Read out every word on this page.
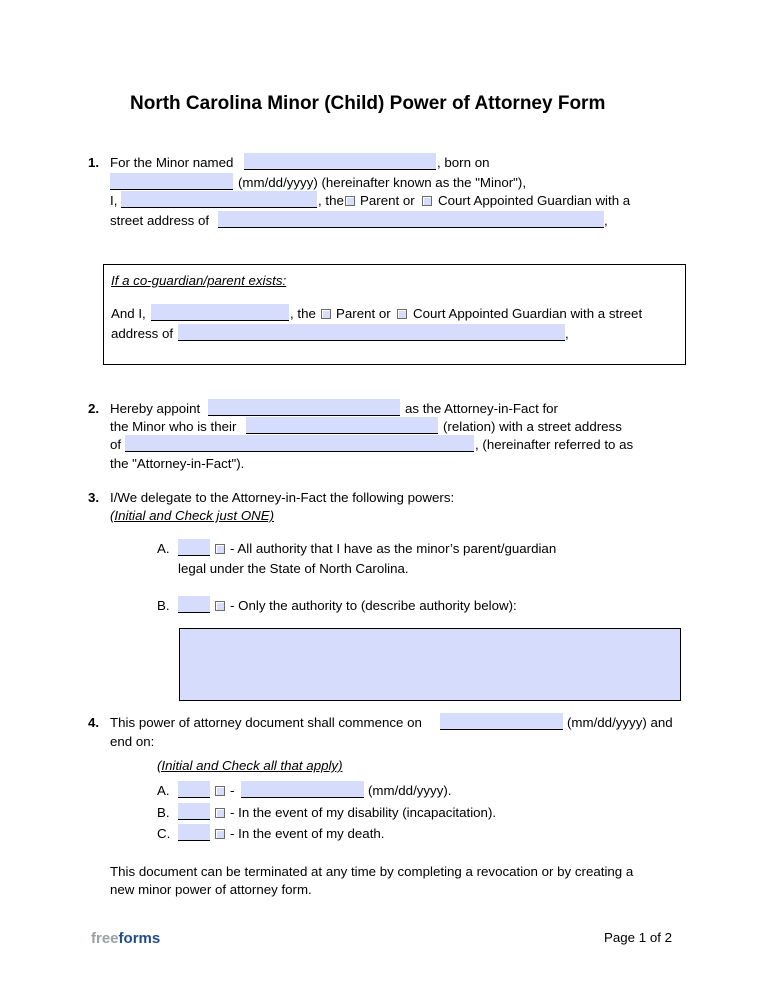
North Carolina Minor (Child) Power of Attorney Form
1. For the Minor named	, born on
(mm/dd/yyyy) (hereinafter known as the "Minor"),
I,	, the Parent or Court Appointed Guardian with a
street address of	,
If a co-guardian/parent exists:
And I,	, the Parent or Court Appointed Guardian with a street
address of	,
2. Hereby appoint	as the Attorney-in-Fact for
the Minor who is their	(relation) with a street address
of	, (hereinafter referred to as
the "Attorney-in-Fact").
3. I/We delegate to the Attorney-in-Fact the following powers:
(Initial and Check just ONE)
A.	- All authority that I have as the minor’s parent/guardian
legal under the State of North Carolina.
B.	- Only the authority to (describe authority below):
4. This power of attorney document shall commence on	(mm/dd/yyyy) and
end on:
(Initial and Check all that apply)
A.	-	(mm/dd/yyyy).
B.	- In the event of my disability (incapacitation).
C.	- In the event of my death.
This document can be terminated at any time by completing a revocation or by creating a
new minor power of attorney form.
freeforms	Page 1 of 2
